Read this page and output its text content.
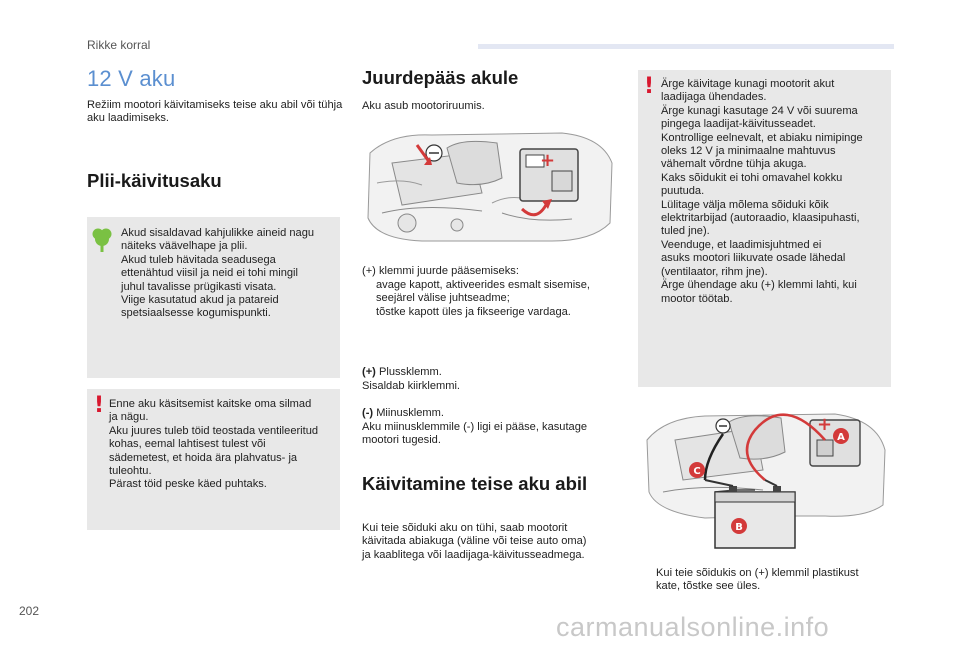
Rikke korral
12 V aku
Režiim mootori käivitamiseks teise aku abil või tühja aku laadimiseks.
Plii-käivitusaku
Akud sisaldavad kahjulikke aineid nagu
näiteks väävelhape ja plii.
Akud tuleb hävitada seadusega
ettenähtud viisil ja neid ei tohi mingil
juhul tavalisse prügikasti visata.
Viige kasutatud akud ja patareid
spetsiaalsesse kogumispunkti.
! Enne aku käsitsemist kaitske oma silmad
ja nägu.
Aku juures tuleb töid teostada ventileeritud
kohas, eemal lahtisest tulest või
sädemetest, et hoida ära plahvatus- ja
tuleohtu.
Pärast töid peske käed puhtaks.
Juurdepääs akule
Aku asub mootoriruumis.
+
(+) klemmi juurde pääsemiseks:
avage kapott, aktiveerides esmalt sisemise,
seejärel välise juhtseadme;
tõstke kapott üles ja fikseerige vardaga.
(+) Plussklemm.
Sisaldab kiirklemmi.
(-) Miinusklemm.
Aku miinusklemmile (-) ligi ei pääse, kasutage
mootori tugesid.
Käivitamine teise aku abil
Kui teie sõiduki aku on tühi, saab mootorit
käivitada abiakuga (väline või teise auto oma)
ja kaablitega või laadijaga-käivitusseadmega.
! Ärge käivitage kunagi mootorit akut
laadijaga ühendades.
Ärge kunagi kasutage 24 V või suurema
pingega laadijat-käivitusseadet.
Kontrollige eelnevalt, et abiaku nimipinge
oleks 12 V ja minimaalne mahtuvus
vähemalt võrdne tühja akuga.
Kaks sõidukit ei tohi omavahel kokku
puutuda.
Lülitage välja mõlema sõiduki kõik
elektritarbijad (autoraadio, klaasipuhasti,
tuled jne).
Veenduge, et laadimisjuhtmed ei
asuks mootori liikuvate osade lähedal
(ventilaator, rihm jne).
Ärge ühendage aku (+) klemmi lahti, kui
mootor töötab.
+
A
B
C
Kui teie sõidukis on (+) klemmil plastikust
kate, tõstke see üles.
202
carmanualsonline.info
